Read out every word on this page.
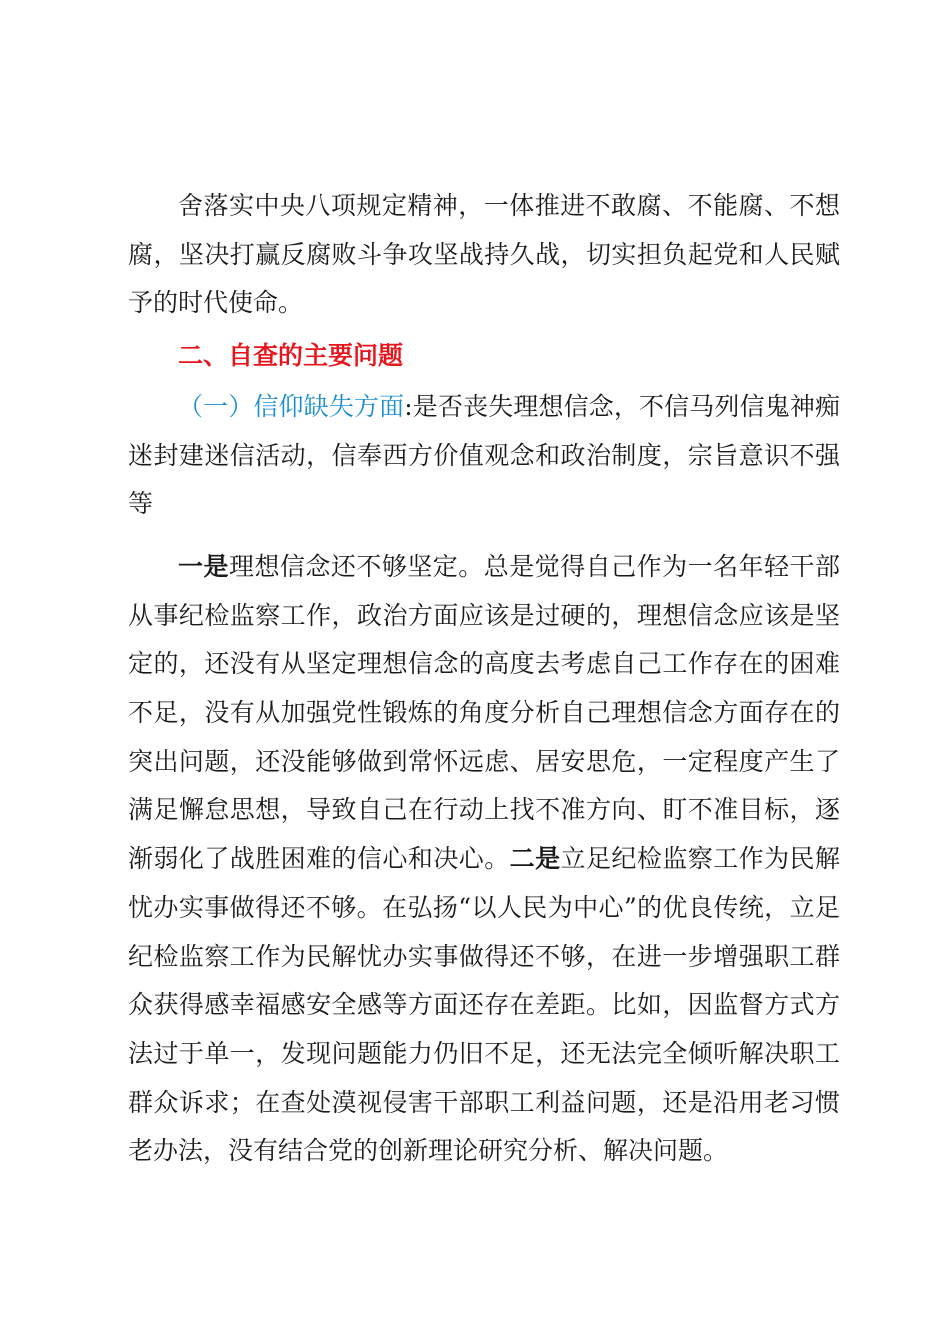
舍落实中央八项规定精神，一体推进不敢腐、不能腐、不想腐，坚决打赢反腐败斗争攻坚战持久战，切实担负起党和人民赋予的时代使命。

二、自查的主要问题

（一）信仰缺失方面:是否丧失理想信念，不信马列信鬼神痴迷封建迷信活动，信奉西方价值观念和政治制度，宗旨意识不强等

一是理想信念还不够坚定。总是觉得自己作为一名年轻干部从事纪检监察工作，政治方面应该是过硬的，理想信念应该是坚定的，还没有从坚定理想信念的高度去考虑自己工作存在的困难不足，没有从加强党性锻炼的角度分析自己理想信念方面存在的突出问题，还没能够做到常怀远虑、居安思危，一定程度产生了满足懈怠思想，导致自己在行动上找不准方向、盯不准目标，逐渐弱化了战胜困难的信心和决心。二是立足纪检监察工作为民解忧办实事做得还不够。在弘扬“以人民为中心”的优良传统，立足纪检监察工作为民解忧办实事做得还不够，在进一步增强职工群众获得感幸福感安全感等方面还存在差距。比如，因监督方式方法过于单一，发现问题能力仍旧不足，还无法完全倾听解决职工群众诉求；在查处漠视侵害干部职工利益问题，还是沿用老习惯老办法，没有结合党的创新理论研究分析、解决问题。
